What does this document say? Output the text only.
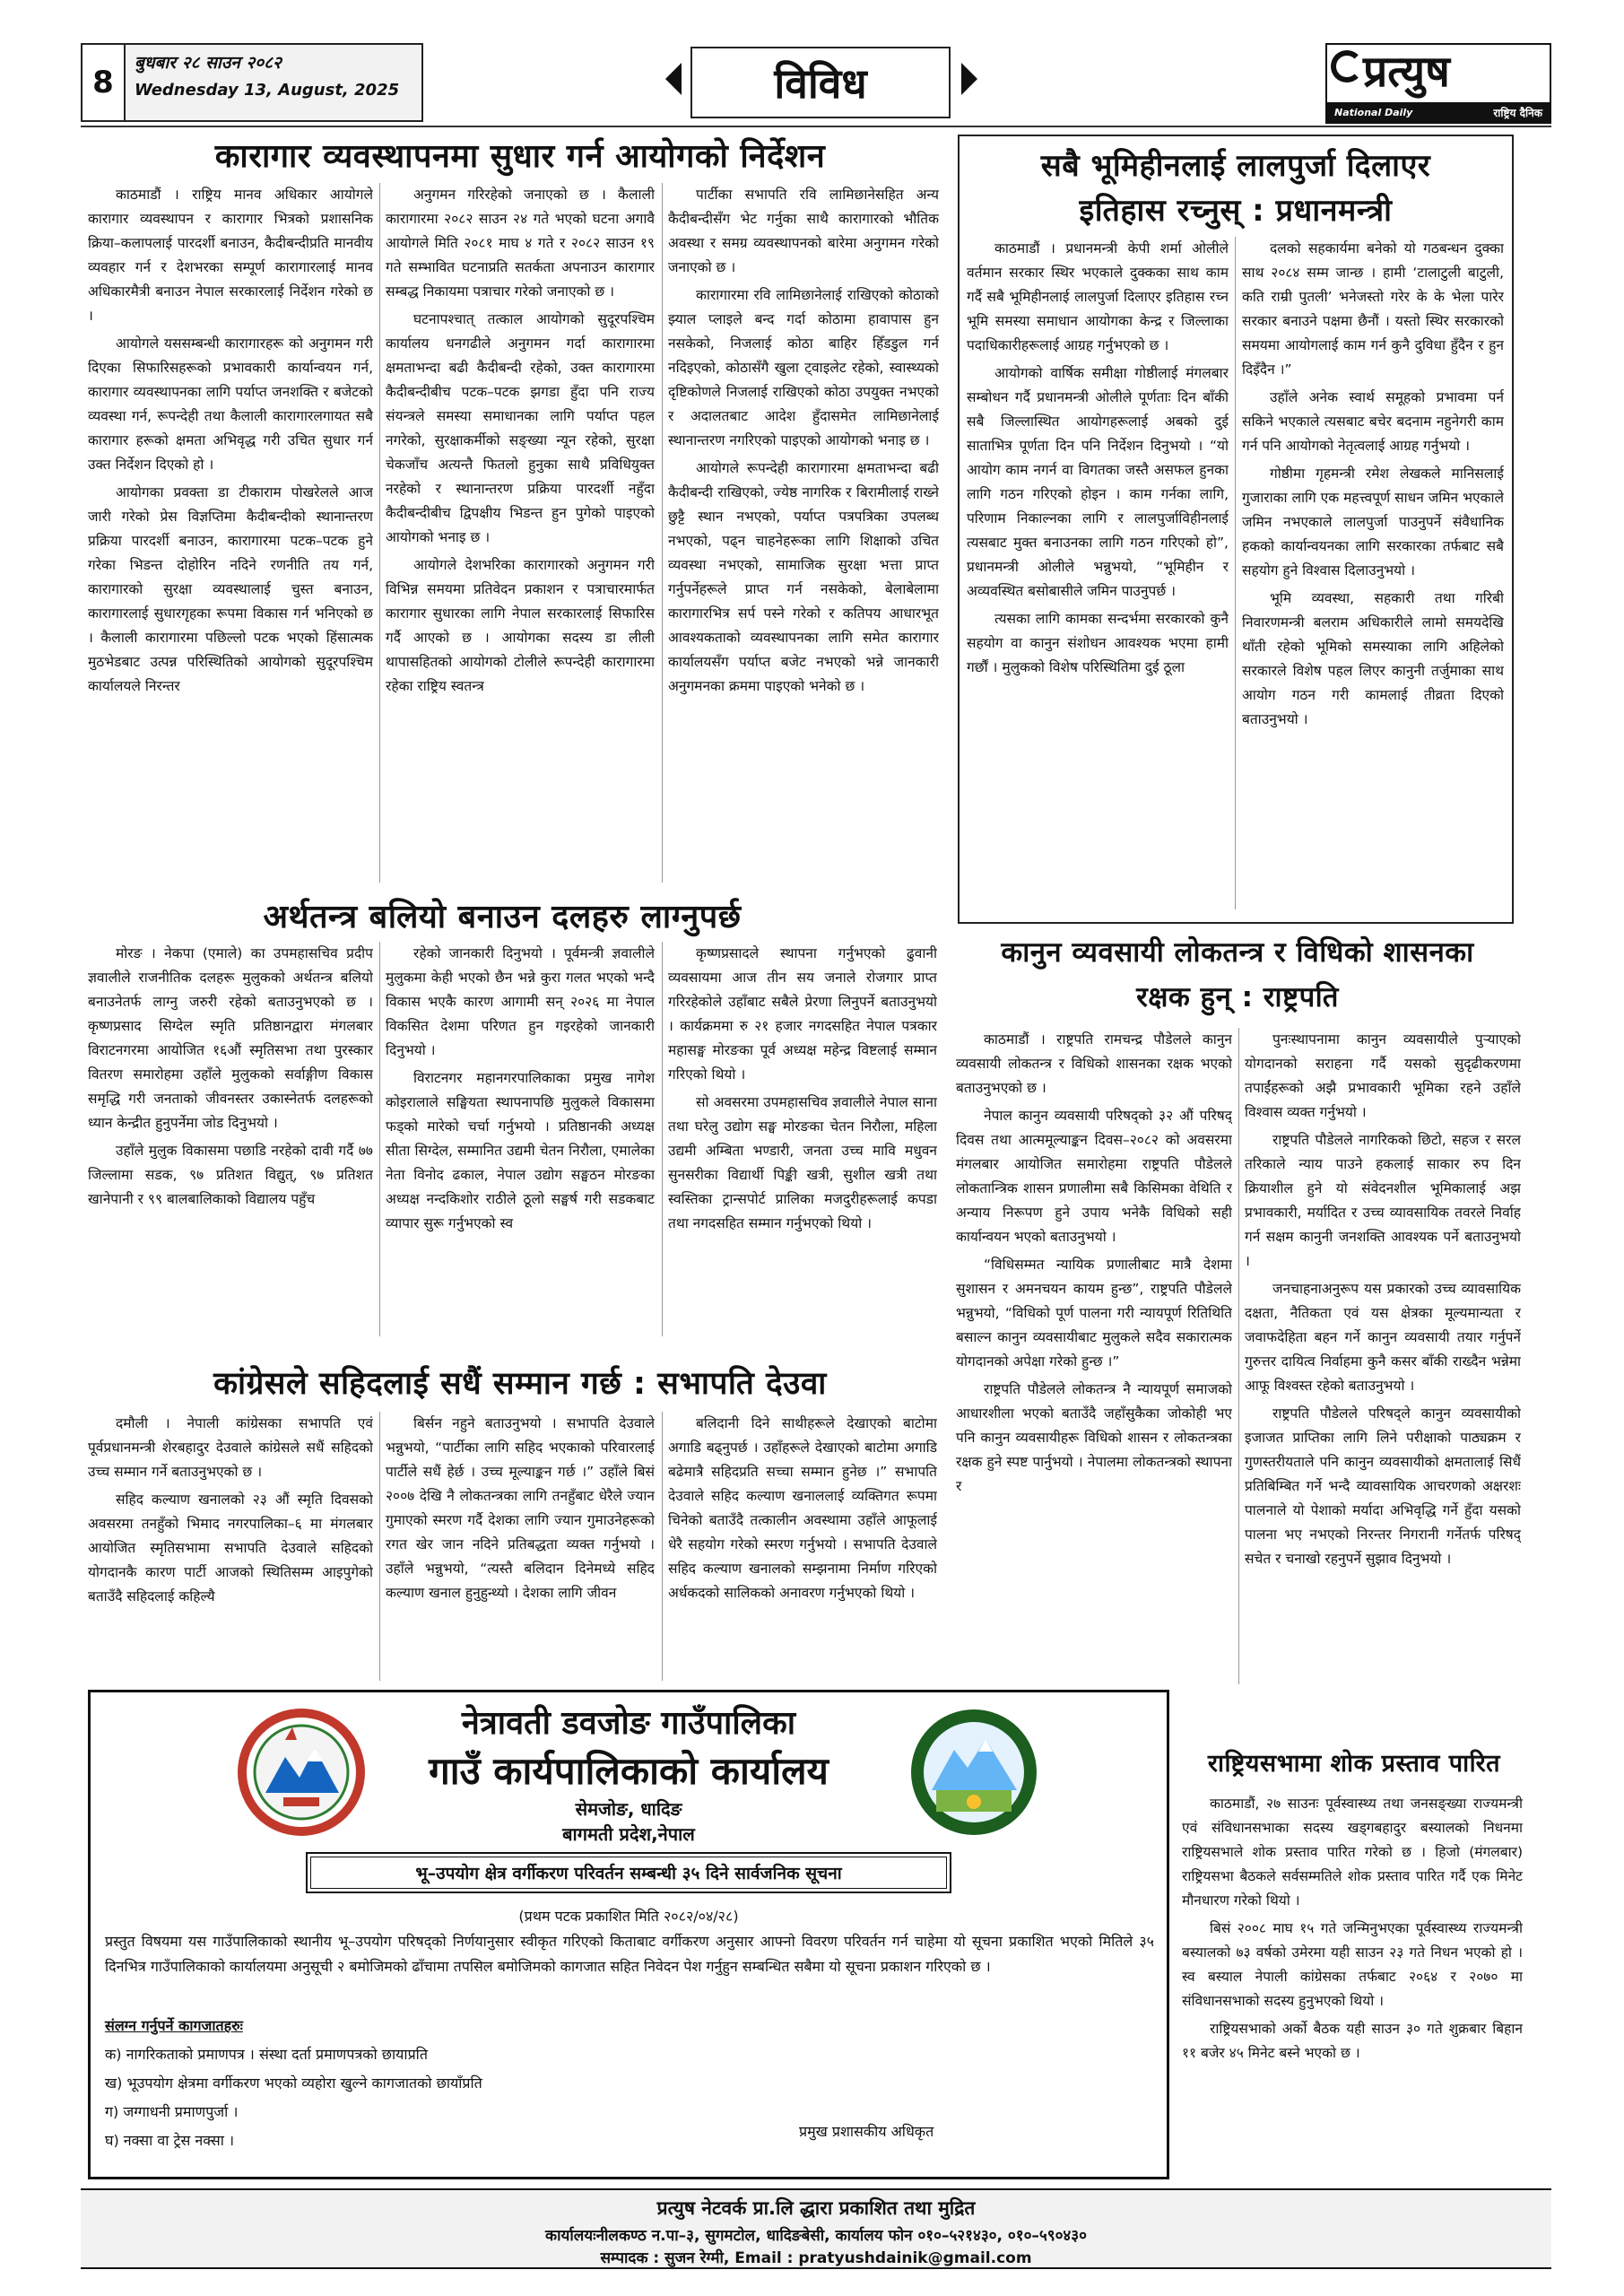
8
बुधबार २८ साउन २०८२
Wednesday 13, August, 2025	विविध	प्रत्युष
National Daily	राष्ट्रिय दैनिक
कारागार व्यवस्थापनमा सुधार गर्न आयोगको निर्देशन

काठमाडौं । राष्ट्रिय मानव अधिकार आयोगले कारागार व्यवस्थापन र कारागार भित्रको प्रशासनिक क्रिया–कलापलाई पारदर्शी बनाउन, कैदीबन्दीप्रति मानवीय व्यवहार गर्न र देशभरका सम्पूर्ण कारागारलाई मानव अधिकारमैत्री बनाउन नेपाल सरकारलाई निर्देशन गरेको छ ।

आयोगले यससम्बन्धी कारागारहरू को अनुगमन गरी दिएका सिफारिसहरूको प्रभावकारी कार्यान्वयन गर्न, कारागार व्यवस्थापनका लागि पर्याप्त जनशक्ति र बजेटको व्यवस्था गर्न, रूपन्देही तथा कैलाली कारागारलगायत सबै कारागार हरूको क्षमता अभिवृद्ध गरी उचित सुधार गर्न उक्त निर्देशन दिएको हो ।

आयोगका प्रवक्ता डा टीकाराम पोखरेलले आज जारी गरेको प्रेस विज्ञप्तिमा कैदीबन्दीको स्थानान्तरण प्रक्रिया पारदर्शी बनाउन, कारागारमा पटक–पटक हुने गरेका भिडन्त दोहोरिन नदिने रणनीति तय गर्न, कारागारको सुरक्षा व्यवस्थालाई चुस्त बनाउन, कारागारलाई सुधारगृहका रूपमा विकास गर्न भनिएको छ । कैलाली कारागारमा पछिल्लो पटक भएको हिंसात्मक मुठभेडबाट उत्पन्न परिस्थितिको आयोगको सुदूरपश्चिम कार्यालयले निरन्तर

अनुगमन गरिरहेको जनाएको छ । कैलाली कारागारमा २०८२ साउन २४ गते भएको घटना अगावै आयोगले मिति २०८१ माघ ४ गते र २०८२ साउन १९ गते सम्भावित घटनाप्रति सतर्कता अपनाउन कारागार सम्बद्ध निकायमा पत्राचार गरेको जनाएको छ ।

घटनापश्चात् तत्काल आयोगको सुदूरपश्चिम कार्यालय धनगढीले अनुगमन गर्दा कारागारमा क्षमताभन्दा बढी कैदीबन्दी रहेको, उक्त कारागारमा कैदीबन्दीबीच पटक–पटक झगडा हुँदा पनि राज्य संयन्त्रले समस्या समाधानका लागि पर्याप्त पहल नगरेको, सुरक्षाकर्मीको सङ्ख्या न्यून रहेको, सुरक्षा चेकजाँच अत्यन्तै फितलो हुनुका साथै प्रविधियुक्त नरहेको र स्थानान्तरण प्रक्रिया पारदर्शी नहुँदा कैदीबन्दीबीच द्विपक्षीय भिडन्त हुन पुगेको पाइएको आयोगको भनाइ छ ।

आयोगले देशभरिका कारागारको अनुगमन गरी विभिन्न समयमा प्रतिवेदन प्रकाशन र पत्राचारमार्फत कारागार सुधारका लागि नेपाल सरकारलाई सिफारिस गर्दै आएको छ । आयोगका सदस्य डा लीली थापासहितको आयोगको टोलीले रूपन्देही कारागारमा रहेका राष्ट्रिय स्वतन्त्र

पार्टीका सभापति रवि लामिछानेसहित अन्य कैदीबन्दीसँग भेट गर्नुका साथै कारागारको भौतिक अवस्था र समग्र व्यवस्थापनको बारेमा अनुगमन गरेको जनाएको छ ।

कारागारमा रवि लामिछानेलाई राखिएको कोठाको झ्याल प्लाइले बन्द गर्दा कोठामा हावापास हुन नसकेको, निजलाई कोठा बाहिर हिँडडुल गर्न नदिइएको, कोठासँगै खुला ट्वाइलेट रहेको, स्वास्थ्यको दृष्टिकोणले निजलाई राखिएको कोठा उपयुक्त नभएको र अदालतबाट आदेश हुँदासमेत लामिछानेलाई स्थानान्तरण नगरिएको पाइएको आयोगको भनाइ छ ।

आयोगले रूपन्देही कारागारमा क्षमताभन्दा बढी कैदीबन्दी राखिएको, ज्येष्ठ नागरिक र बिरामीलाई राख्ने छुट्टै स्थान नभएको, पर्याप्त पत्रपत्रिका उपलब्ध नभएको, पढ्न चाहनेहरूका लागि शिक्षाको उचित व्यवस्था नभएको, सामाजिक सुरक्षा भत्ता प्राप्त गर्नुपर्नेहरूले प्राप्त गर्न नसकेको, बेलाबेलामा कारागारभित्र सर्प पस्ने गरेको र कतिपय आधारभूत आवश्यकताको व्यवस्थापनका लागि समेत कारागार कार्यालयसँग पर्याप्त बजेट नभएको भन्ने जानकारी अनुगमनका क्रममा पाइएको भनेको छ ।

सबै भूमिहीनलाई लालपुर्जा दिलाएर
इतिहास रच्नुस् : प्रधानमन्त्री

काठमाडौं । प्रधानमन्त्री केपी शर्मा ओलीले वर्तमान सरकार स्थिर भएकाले दुक्कका साथ काम गर्दै सबै भूमिहीनलाई लालपुर्जा दिलाएर इतिहास रच्न भूमि समस्या समाधान आयोगका केन्द्र र जिल्लाका पदाधिकारीहरूलाई आग्रह गर्नुभएको छ ।

आयोगको वार्षिक समीक्षा गोष्ठीलाई मंगलबार सम्बोधन गर्दै प्रधानमन्त्री ओलीले पूर्णताः दिन बाँकी सबै जिल्लास्थित आयोगहरूलाई अबको दुई साताभित्र पूर्णता दिन पनि निर्देशन दिनुभयो । “यो आयोग काम नगर्न वा विगतका जस्तै असफल हुनका लागि गठन गरिएको होइन । काम गर्नका लागि, परिणाम निकाल्नका लागि र लालपुर्जाविहीनलाई त्यसबाट मुक्त बनाउनका लागि गठन गरिएको हो”, प्रधानमन्त्री ओलीले भन्नुभयो, “भूमिहीन र अव्यवस्थित बसोबासीले जमिन पाउनुपर्छ ।

त्यसका लागि कामका सन्दर्भमा सरकारको कुनै सहयोग वा कानुन संशोधन आवश्यक भएमा हामी गर्छौं । मुलुकको विशेष परिस्थितिमा दुई ठूला

दलको सहकार्यमा बनेको यो गठबन्धन दुक्का साथ २०८४ सम्म जान्छ । हामी ‘टालाटुली बाटुली, कति राम्री पुतली’ भनेजस्तो गरेर के के भेला पारेर सरकार बनाउने पक्षमा छैनौं । यस्तो स्थिर सरकारको समयमा आयोगलाई काम गर्न कुनै दुविधा हुँदैन र हुन दिइँदैन ।”

उहाँले अनेक स्वार्थ समूहको प्रभावमा पर्न सकिने भएकाले त्यसबाट बचेर बदनाम नहुनेगरी काम गर्न पनि आयोगको नेतृत्वलाई आग्रह गर्नुभयो ।

गोष्ठीमा गृहमन्त्री रमेश लेखकले मानिसलाई गुजाराका लागि एक महत्त्वपूर्ण साधन जमिन भएकाले जमिन नभएकाले लालपुर्जा पाउनुपर्ने संवैधानिक हकको कार्यान्वयनका लागि सरकारका तर्फबाट सबै सहयोग हुने विश्वास दिलाउनुभयो ।

भूमि व्यवस्था, सहकारी तथा गरिबी निवारणमन्त्री बलराम अधिकारीले लामो समयदेखि थाँती रहेको भूमिको समस्याका लागि अहिलेको सरकारले विशेष पहल लिएर कानुनी तर्जुमाका साथ आयोग गठन गरी कामलाई तीव्रता दिएको बताउनुभयो ।

अर्थतन्त्र बलियो बनाउन दलहरु लाग्नुपर्छ

मोरङ । नेकपा (एमाले) का उपमहासचिव प्रदीप ज्ञवालीले राजनीतिक दलहरू मुलुकको अर्थतन्त्र बलियो बनाउनेतर्फ लाग्नु जरुरी रहेको बताउनुभएको छ । कृष्णप्रसाद सिग्देल स्मृति प्रतिष्ठानद्वारा मंगलबार विराटनगरमा आयोजित १६औं स्मृतिसभा तथा पुरस्कार वितरण समारोहमा उहाँले मुलुकको सर्वाङ्गीण विकास समृद्धि गरी जनताको जीवनस्तर उकास्नेतर्फ दलहरूको ध्यान केन्द्रीत हुनुपर्नेमा जोड दिनुभयो ।

उहाँले मुलुक विकासमा पछाडि नरहेको दावी गर्दै ७७ जिल्लामा सडक, ९७ प्रतिशत विद्युत्, ९७ प्रतिशत खानेपानी र ९९ बालबालिकाको विद्यालय पहुँच

रहेको जानकारी दिनुभयो । पूर्वमन्त्री ज्ञवालीले मुलुकमा केही भएको छैन भन्ने कुरा गलत भएको भन्दै विकास भएकै कारण आगामी सन् २०२६ मा नेपाल विकसित देशमा परिणत हुन गइरहेको जानकारी दिनुभयो ।

विराटनगर महानगरपालिकाका प्रमुख नागेश कोइरालाले सङ्घियता स्थापनापछि मुलुकले विकासमा फड्को मारेको चर्चा गर्नुभयो । प्रतिष्ठानकी अध्यक्ष सीता सिग्देल, सम्मानित उद्यमी चेतन निरौला, एमालेका नेता विनोद ढकाल, नेपाल उद्योग सङ्घठन मोरङका अध्यक्ष नन्दकिशोर राठीले ठूलो सङ्घर्ष गरी सडकबाट व्यापार सुरू गर्नुभएको स्व

कृष्णप्रसादले स्थापना गर्नुभएको ढुवानी व्यवसायमा आज तीन सय जनाले रोजगार प्राप्त गरिरहेकोले उहाँबाट सबैले प्रेरणा लिनुपर्ने बताउनुभयो । कार्यक्रममा रु २१ हजार नगदसहित नेपाल पत्रकार महासङ्घ मोरङका पूर्व अध्यक्ष महेन्द्र विष्टलाई सम्मान गरिएको थियो ।

सो अवसरमा उपमहासचिव ज्ञवालीले नेपाल साना तथा घरेलु उद्योग सङ्घ मोरङका चेतन निरौला, महिला उद्यमी अम्बिता भण्डारी, जनता उच्च मावि मधुवन सुनसरीका विद्यार्थी पिङ्की खत्री, सुशील खत्री तथा स्वस्तिका ट्रान्सपोर्ट प्रालिका मजदुरीहरूलाई कपडा तथा नगदसहित सम्मान गर्नुभएको थियो ।

कानुन व्यवसायी लोकतन्त्र र विधिको शासनका
रक्षक हुन् : राष्ट्रपति

काठमाडौं । राष्ट्रपति रामचन्द्र पौडेलले कानुन व्यवसायी लोकतन्त्र र विधिको शासनका रक्षक भएको बताउनुभएको छ ।

नेपाल कानुन व्यवसायी परिषद्को ३२ औं परिषद् दिवस तथा आत्ममूल्याङ्कन दिवस–२०८२ को अवसरमा मंगलबार आयोजित समारोहमा राष्ट्रपति पौडेलले लोकतान्त्रिक शासन प्रणालीमा सबै किसिमका वेथिति र अन्याय निरूपण हुने उपाय भनेकै विधिको सही कार्यान्वयन भएको बताउनुभयो ।

“विधिसम्मत न्यायिक प्रणालीबाट मात्रै देशमा सुशासन र अमनचयन कायम हुन्छ”, राष्ट्रपति पौडेलले भन्नुभयो, “विधिको पूर्ण पालना गरी न्यायपूर्ण रितिथिति बसाल्न कानुन व्यवसायीबाट मुलुकले सदैव सकारात्मक योगदानको अपेक्षा गरेको हुन्छ ।”

राष्ट्रपति पौडेलले लोकतन्त्र नै न्यायपूर्ण समाजको आधारशीला भएको बताउँदै जहाँसुकैका जोकोही भए पनि कानुन व्यवसायीहरू विधिको शासन र लोकतन्त्रका रक्षक हुने स्पष्ट पार्नुभयो । नेपालमा लोकतन्त्रको स्थापना र

पुनःस्थापनामा कानुन व्यवसायीले पुऱ्याएको योगदानको सराहना गर्दै यसको सुदृढीकरणमा तपाईंहरूको अझै प्रभावकारी भूमिका रहने उहाँले विश्वास व्यक्त गर्नुभयो ।

राष्ट्रपति पौडेलले नागरिकको छिटो, सहज र सरल तरिकाले न्याय पाउने हकलाई साकार रुप दिन क्रियाशील हुने यो संवेदनशील भूमिकालाई अझ प्रभावकारी, मर्यादित र उच्च व्यावसायिक तवरले निर्वाह गर्न सक्षम कानुनी जनशक्ति आवश्यक पर्ने बताउनुभयो ।

जनचाहनाअनुरूप यस प्रकारको उच्च व्यावसायिक दक्षता, नैतिकता एवं यस क्षेत्रका मूल्यमान्यता र जवाफदेहिता बहन गर्ने कानुन व्यवसायी तयार गर्नुपर्ने गुरुत्तर दायित्व निर्वाहमा कुनै कसर बाँकी राख्दैन भन्नेमा आफू विश्वस्त रहेको बताउनुभयो ।

राष्ट्रपति पौडेलले परिषद्ले कानुन व्यवसायीको इजाजत प्राप्तिका लागि लिने परीक्षाको पाठ्यक्रम र गुणस्तरीयताले पनि कानुन व्यवसायीको क्षमतालाई सिधैं प्रतिबिम्बित गर्ने भन्दै व्यावसायिक आचरणको अक्षरशः पालनाले यो पेशाको मर्यादा अभिवृद्धि गर्ने हुँदा यसको पालना भए नभएको निरन्तर निगरानी गर्नेतर्फ परिषद् सचेत र चनाखो रहनुपर्ने सुझाव दिनुभयो ।

कांग्रेसले सहिदलाई सधैं सम्मान गर्छ : सभापति देउवा

दमौली । नेपाली कांग्रेसका सभापति एवं पूर्वप्रधानमन्त्री शेरबहादुर देउवाले कांग्रेसले सधैं सहिदको उच्च सम्मान गर्ने बताउनुभएको छ ।

सहिद कल्याण खनालको २३ औं स्मृति दिवसको अवसरमा तनहुँको भिमाद नगरपालिका–६ मा मंगलबार आयोजित स्मृतिसभामा सभापति देउवाले सहिदको योगदानकै कारण पार्टी आजको स्थितिसम्म आइपुगेको बताउँदै सहिदलाई कहिल्यै

बिर्सन नहुने बताउनुभयो । सभापति देउवाले भन्नुभयो, “पार्टीका लागि सहिद भएकाको परिवारलाई पार्टीले सधैं हेर्छ । उच्च मूल्याङ्कन गर्छ ।” उहाँले बिसं २००७ देखि नै लोकतन्त्रका लागि तनहुँबाट धेरैले ज्यान गुमाएको स्मरण गर्दै देशका लागि ज्यान गुमाउनेहरूको रगत खेर जान नदिने प्रतिबद्धता व्यक्त गर्नुभयो । उहाँले भन्नुभयो, “त्यस्तै बलिदान दिनेमध्ये सहिद कल्याण खनाल हुनुहुन्थ्यो । देशका लागि जीवन

बलिदानी दिने साथीहरूले देखाएको बाटोमा अगाडि बढ्नुपर्छ । उहाँहरूले देखाएको बाटोमा अगाडि बढेमात्रै सहिदप्रति सच्चा सम्मान हुनेछ ।” सभापति देउवाले सहिद कल्याण खनाललाई व्यक्तिगत रूपमा चिनेको बताउँदै तत्कालीन अवस्थामा उहाँले आफूलाई धेरै सहयोग गरेको स्मरण गर्नुभयो । सभापति देउवाले सहिद कल्याण खनालको सम्झनामा निर्माण गरिएको अर्धकदको सालिकको अनावरण गर्नुभएको थियो ।

नेत्रावती डवजोङ गाउँपालिका
गाउँ कार्यपालिकाको कार्यालय
सेमजोङ, धादिङ
बागमती प्रदेश,नेपाल
भू–उपयोग क्षेत्र वर्गीकरण परिवर्तन सम्बन्धी ३५ दिने सार्वजनिक सूचना
(प्रथम पटक प्रकाशित मिति २०८२/०४/२८)
प्रस्तुत विषयमा यस गाउँपालिकाको स्थानीय भू–उपयोग परिषद्को निर्णयानुसार स्वीकृत गरिएको किताबाट वर्गीकरण अनुसार आफ्नो विवरण परिवर्तन गर्न चाहेमा यो सूचना प्रकाशित भएको मितिले ३५ दिनभित्र गाउँपालिकाको कार्यालयमा अनुसूची २ बमोजिमको ढाँचामा तपसिल बमोजिमको कागजात सहित निवेदन पेश गर्नुहुन सम्बन्धित सबैमा यो सूचना प्रकाशन गरिएको छ ।
संलग्न गर्नुपर्ने कागजातहरुः
क) नागरिकताको प्रमाणपत्र । संस्था दर्ता प्रमाणपत्रको छायाप्रति
ख) भूउपयोग क्षेत्रमा वर्गीकरण भएको व्यहोरा खुल्ने कागजातको छायाँप्रति
ग) जग्गाधनी प्रमाणपुर्जा ।
घ) नक्सा वा ट्रेस नक्सा ।
प्रमुख प्रशासकीय अधिकृत
राष्ट्रियसभामा शोक प्रस्ताव पारित

काठमाडौं, २७ साउनः पूर्वस्वास्थ्य तथा जनसङ्ख्या राज्यमन्त्री एवं संविधानसभाका सदस्य खड्गबहादुर बस्यालको निधनमा राष्ट्रियसभाले शोक प्रस्ताव पारित गरेको छ । हिजो (मंगलबार) राष्ट्रियसभा बैठकले सर्वसम्मतिले शोक प्रस्ताव पारित गर्दै एक मिनेट मौनधारण गरेको थियो ।

बिसं २००८ माघ १५ गते जन्मिनुभएका पूर्वस्वास्थ्य राज्यमन्त्री बस्यालको ७३ वर्षको उमेरमा यही साउन २३ गते निधन भएको हो । स्व बस्याल नेपाली कांग्रेसका तर्फबाट २०६४ र २०७० मा संविधानसभाको सदस्य हुनुभएको थियो ।

राष्ट्रियसभाको अर्को बैठक यही साउन ३० गते शुक्रबार बिहान ११ बजेर ४५ मिनेट बस्ने भएको छ ।

प्रत्युष नेटवर्क प्रा.लि द्धारा प्रकाशित तथा मुद्रित
कार्यालयःनीलकण्ठ न.पा–३, सुगमटोल, धादिङबेसी, कार्यालय फोन ०१०–५२१४३०, ०१०–५९०४३०
सम्पादक : सुजन रेग्मी, Email : pratyushdainik@gmail.com
